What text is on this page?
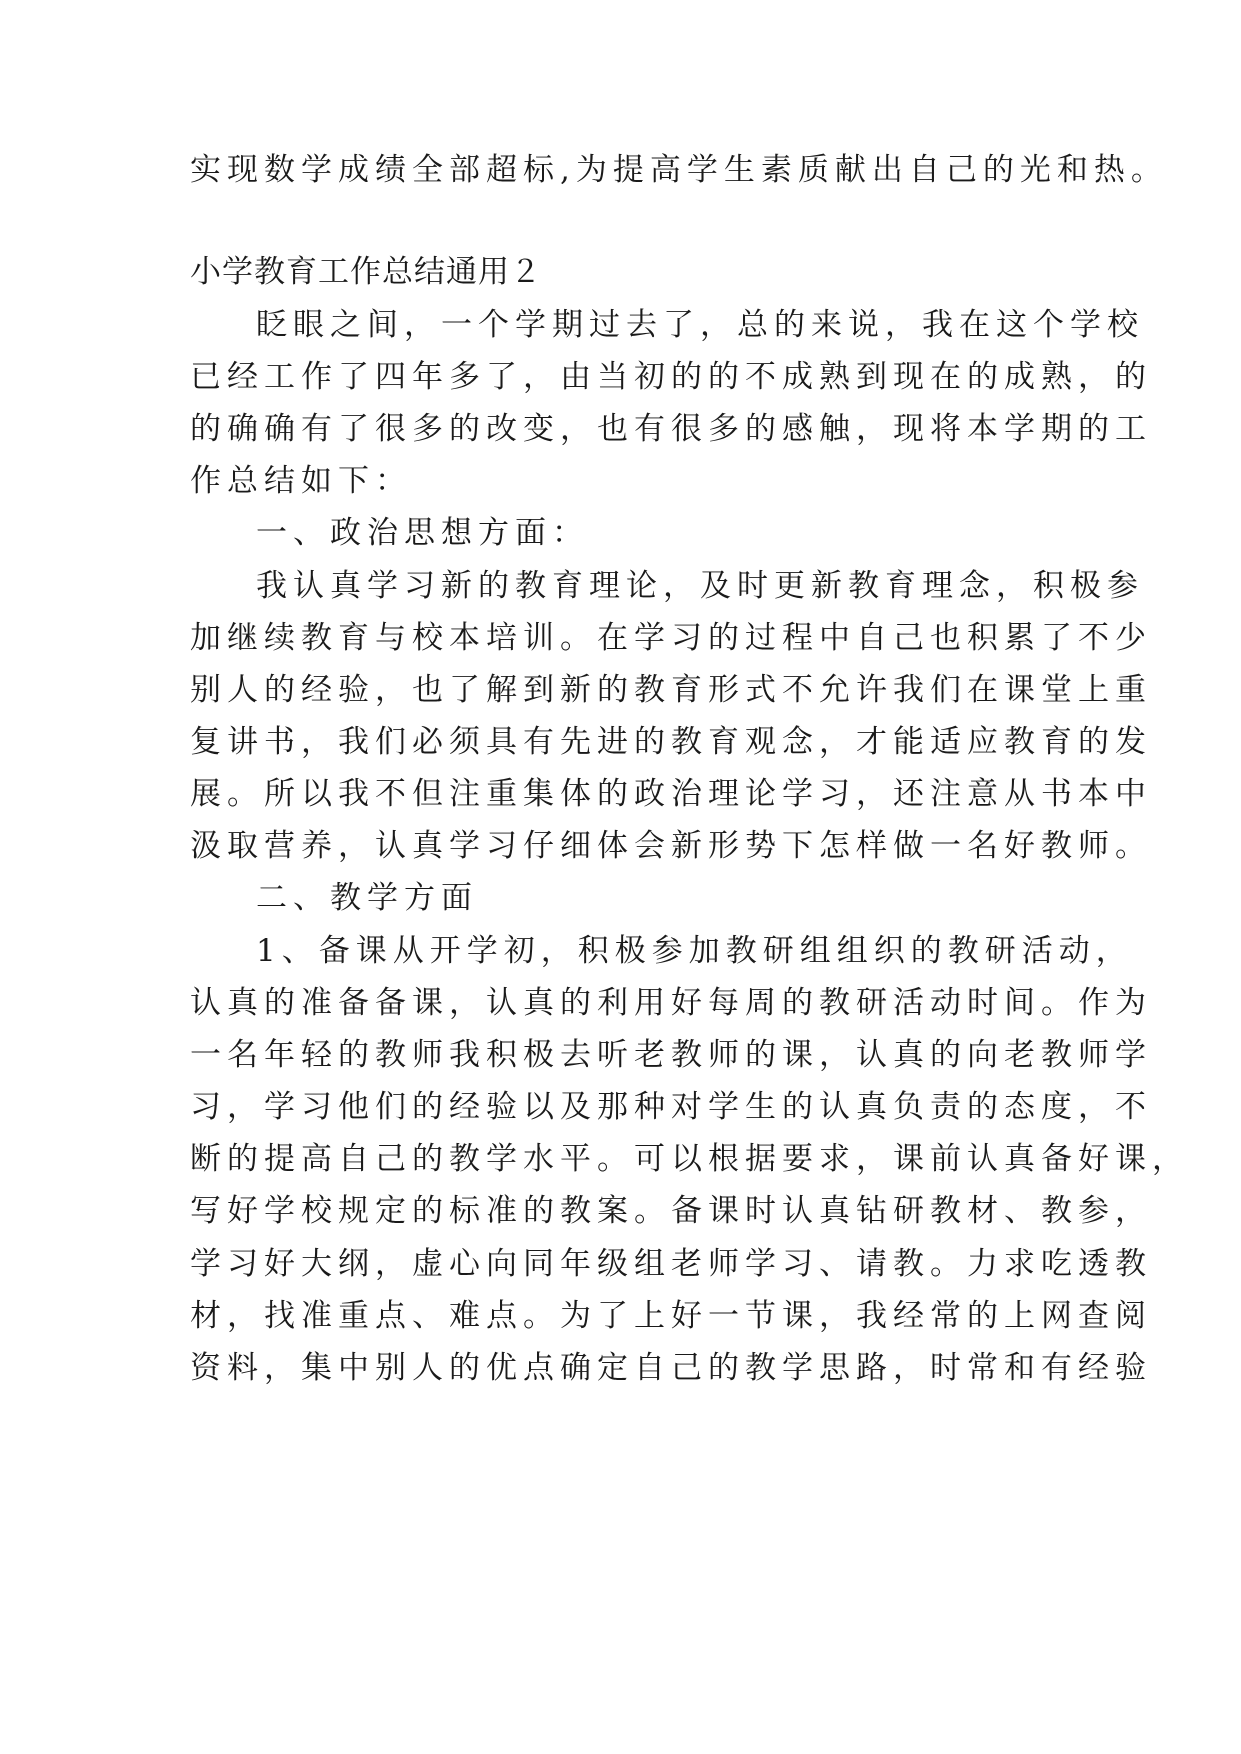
实现数学成绩全部超标,为提高学生素质献出自己的光和热。
小学教育工作总结通用２
眨眼之间，一个学期过去了，总的来说，我在这个学校
已经工作了四年多了，由当初的的不成熟到现在的成熟，的
的确确有了很多的改变，也有很多的感触，现将本学期的工
作总结如下：
一、政治思想方面：
我认真学习新的教育理论，及时更新教育理念，积极参
加继续教育与校本培训。在学习的过程中自己也积累了不少
别人的经验，也了解到新的教育形式不允许我们在课堂上重
复讲书，我们必须具有先进的教育观念，才能适应教育的发
展。所以我不但注重集体的政治理论学习，还注意从书本中
汲取营养，认真学习仔细体会新形势下怎样做一名好教师。
二、教学方面
1、备课从开学初，积极参加教研组组织的教研活动，
认真的准备备课，认真的利用好每周的教研活动时间。作为
一名年轻的教师我积极去听老教师的课，认真的向老教师学
习，学习他们的经验以及那种对学生的认真负责的态度，不
断的提高自己的教学水平。可以根据要求，课前认真备好课，
写好学校规定的标准的教案。备课时认真钻研教材、教参，
学习好大纲，虚心向同年级组老师学习、请教。力求吃透教
材，找准重点、难点。为了上好一节课，我经常的上网查阅
资料，集中别人的优点确定自己的教学思路，时常和有经验
